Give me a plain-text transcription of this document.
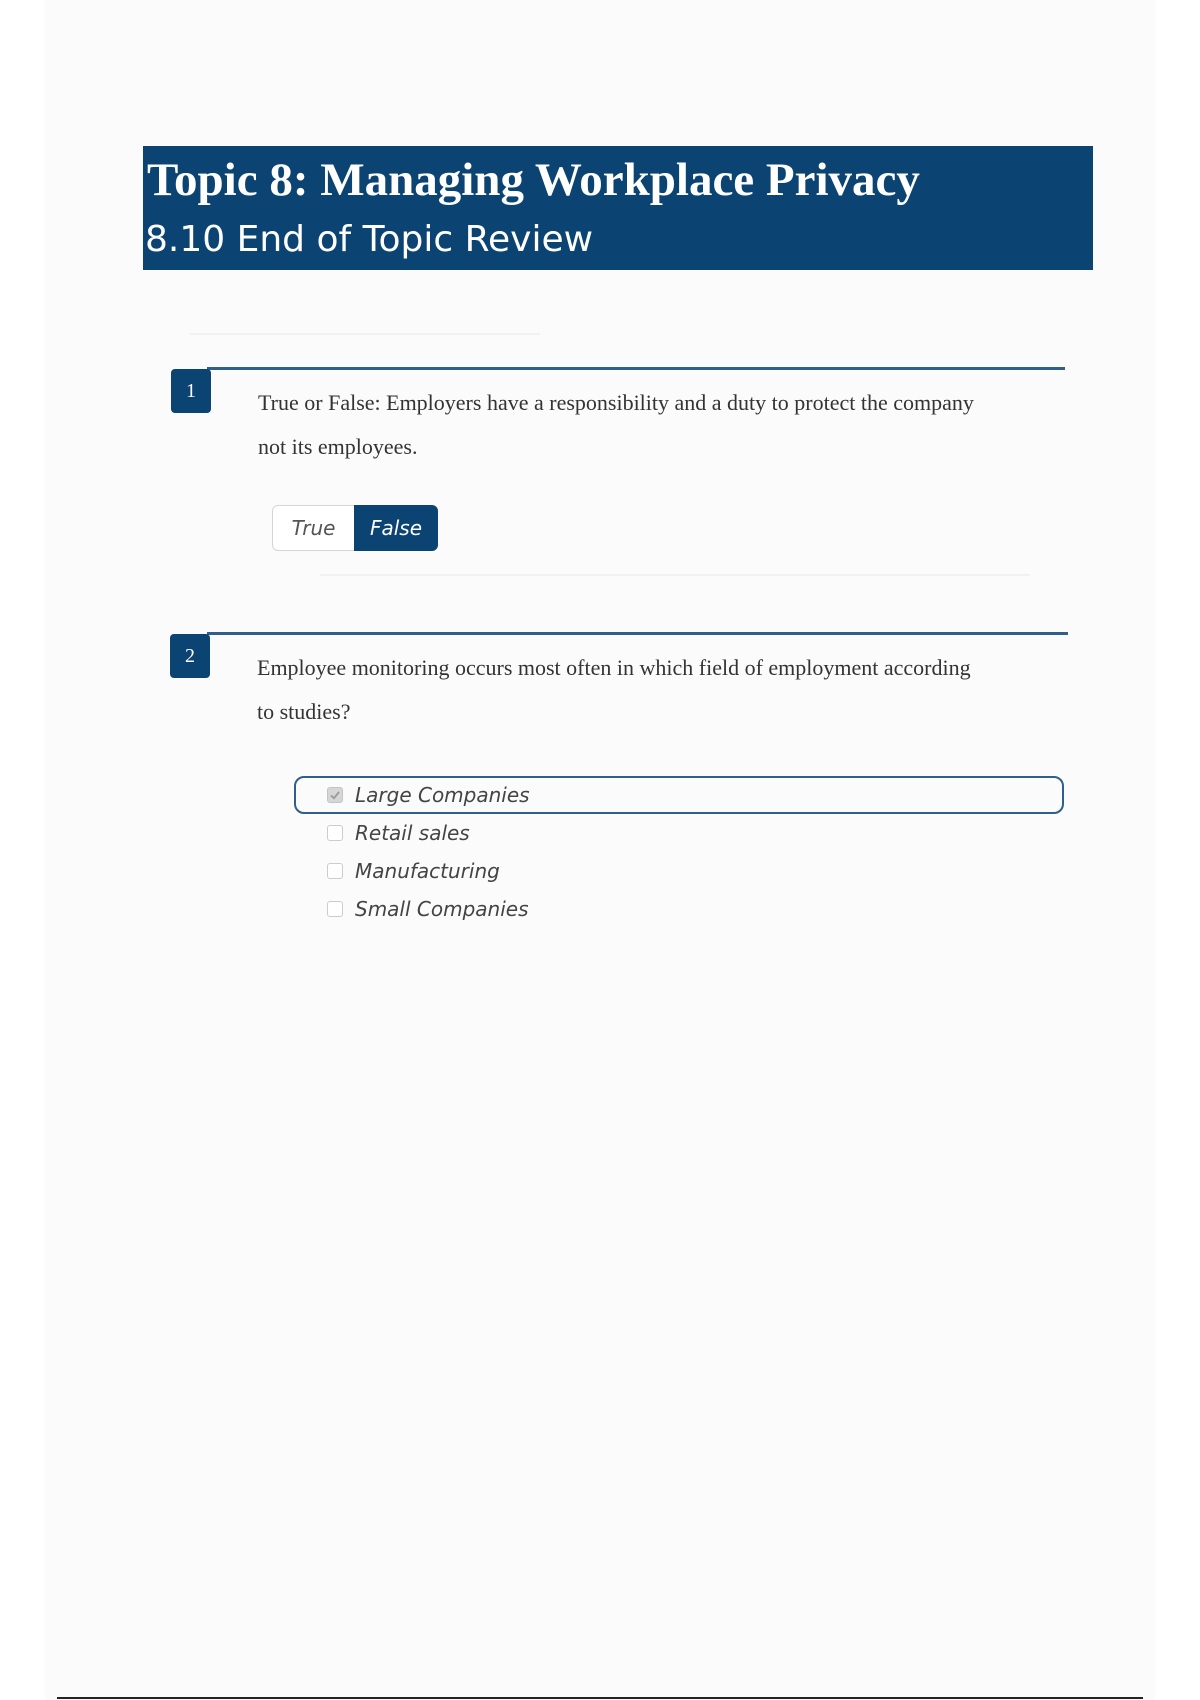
Topic 8: Managing Workplace Privacy
8.10 End of Topic Review
1	True or False: Employers have a responsibility and a duty to protect the company not its employees.

True	False
2	Employee monitoring occurs most often in which field of employment according to studies?

Large Companies
Retail sales
Manufacturing
Small Companies
